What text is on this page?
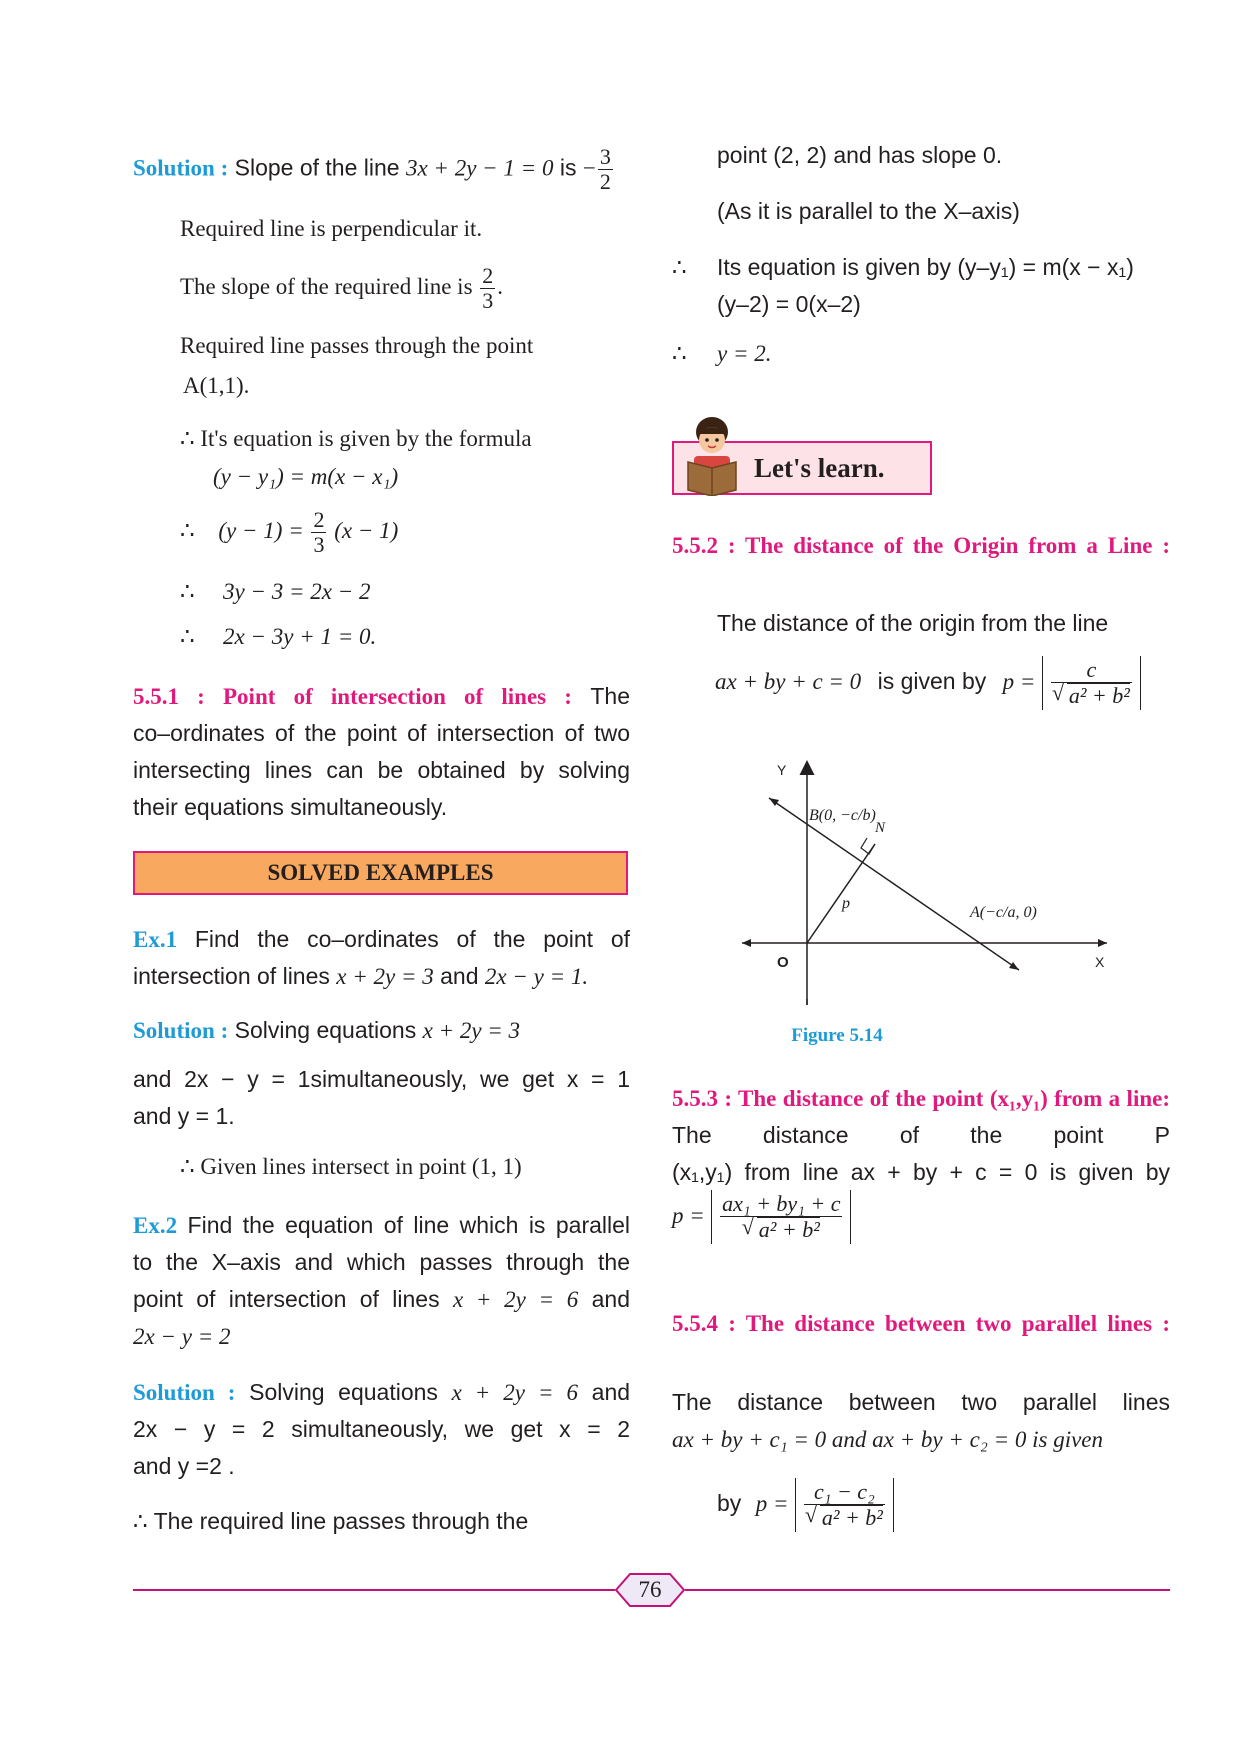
Solution : Slope of the line 3x + 2y − 1 = 0 is − $\frac{3}{2}$
Required line is perpendicular it.
The slope of the required line is $\frac{2}{3}$ .
Required line passes through the point
A(1,1).
∴ It's equation is given by the formula
(y − y₁) = m(x − x₁)
∴ $(y - 1) = \frac{2}{3} (x - 1)$
∴ 3y − 3 = 2x − 2
∴ 2x − 3y + 1 = 0.
5.5.1 : Point of intersection of lines : The
co–ordinates of the point of intersection of two
intersecting lines can be obtained by solving
their equations simultaneously.
SOLVED EXAMPLES
Ex.1 Find the co–ordinates of the point of
intersection of lines x + 2y = 3 and 2x − y = 1.
Solution : Solving equations x + 2y = 3
and 2x − y = 1simultaneously, we get x = 1
and y = 1.
∴ Given lines intersect in point (1, 1)
Ex.2 Find the equation of line which is parallel
to the X–axis and which passes through the
point of intersection of lines x + 2y = 6 and
2x − y = 2
Solution : Solving equations x + 2y = 6 and
2x − y = 2 simultaneously, we get x = 2
and y =2 .
∴ The required line passes through the
point (2, 2) and has slope 0.
(As it is parallel to the X–axis)
∴ Its equation is given by (y–y₁) = m(x − x₁)
(y–2) = 0(x–2)
∴ y = 2.
Let's learn.
5.5.2 : The distance of the Origin from a Line :
The distance of the origin from the line
ax + by + c = 0 is given by p = c
√ a² + b²
Y
X
O
B(0, −c/b)
N
p
A(−c/a, 0)
Figure 5.14
5.5.3 : The distance of the point (x₁,y₁) from a line: The distance of the point P
(x₁,y₁) from line ax + by + c = 0 is given by
p = ax₁ + by₁ + c
√ a² + b²
5.5.4 : The distance between two parallel lines :
The distance between two parallel lines
ax + by + c₁ = 0 and ax + by + c₂ = 0 is given
by p = c₁ − c₂
√ a² + b²
76
